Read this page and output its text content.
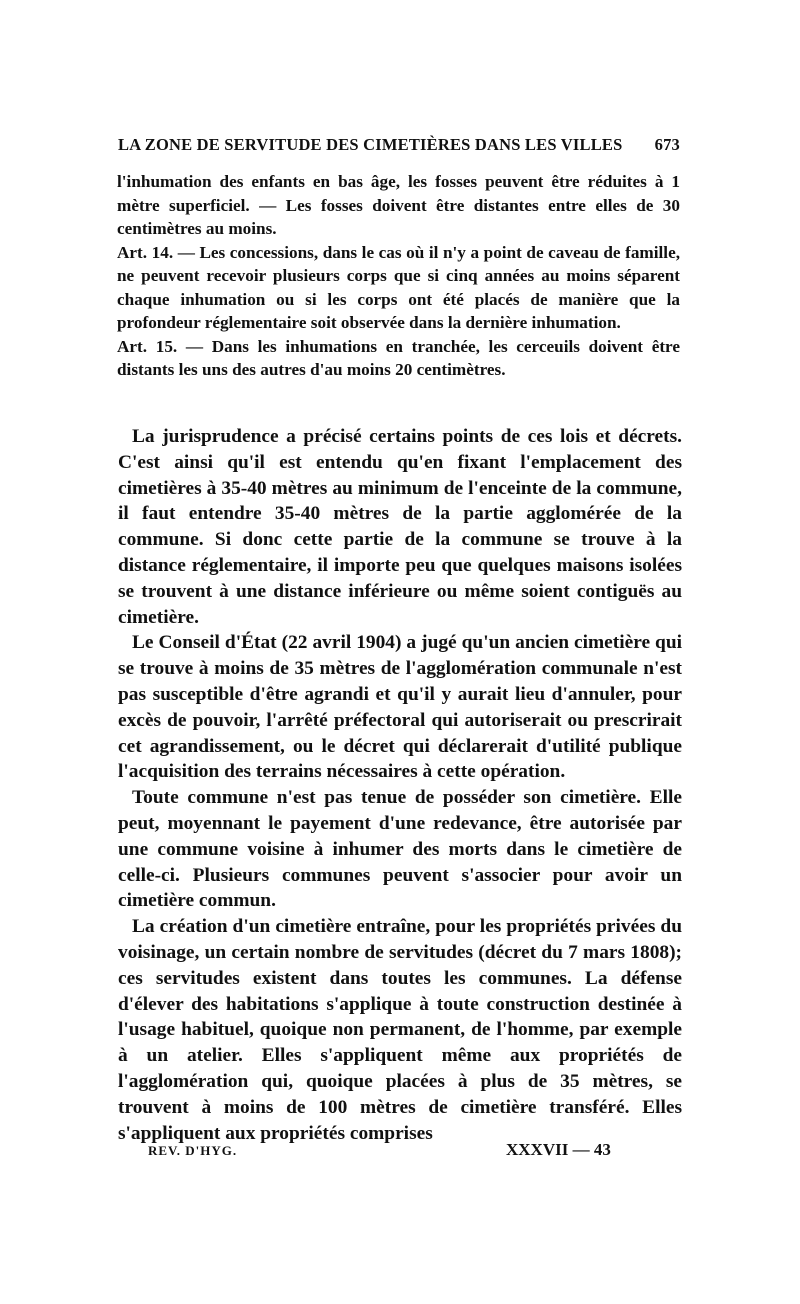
LA ZONE DE SERVITUDE DES CIMETIÈRES DANS LES VILLES 673

l'inhumation des enfants en bas âge, les fosses peuvent être réduites à 1 mètre superficiel. — Les fosses doivent être distantes entre elles de 30 centimètres au moins.

Art. 14. — Les concessions, dans le cas où il n'y a point de caveau de famille, ne peuvent recevoir plusieurs corps que si cinq années au moins séparent chaque inhumation ou si les corps ont été placés de manière que la profondeur réglementaire soit observée dans la dernière inhumation.

Art. 15. — Dans les inhumations en tranchée, les cerceuils doivent être distants les uns des autres d'au moins 20 centimètres.

La jurisprudence a précisé certains points de ces lois et décrets. C'est ainsi qu'il est entendu qu'en fixant l'emplacement des cimetières à 35-40 mètres au minimum de l'enceinte de la commune, il faut entendre 35-40 mètres de la partie agglomérée de la commune. Si donc cette partie de la commune se trouve à la distance réglementaire, il importe peu que quelques maisons isolées se trouvent à une distance inférieure ou même soient contiguës au cimetière.

Le Conseil d'État (22 avril 1904) a jugé qu'un ancien cimetière qui se trouve à moins de 35 mètres de l'agglomération communale n'est pas susceptible d'être agrandi et qu'il y aurait lieu d'annuler, pour excès de pouvoir, l'arrêté préfectoral qui autoriserait ou prescrirait cet agrandissement, ou le décret qui déclarerait d'utilité publique l'acquisition des terrains nécessaires à cette opération.

Toute commune n'est pas tenue de posséder son cimetière. Elle peut, moyennant le payement d'une redevance, être autorisée par une commune voisine à inhumer des morts dans le cimetière de celle-ci. Plusieurs communes peuvent s'associer pour avoir un cimetière commun.

La création d'un cimetière entraîne, pour les propriétés privées du voisinage, un certain nombre de servitudes (décret du 7 mars 1808); ces servitudes existent dans toutes les communes. La défense d'élever des habitations s'applique à toute construction destinée à l'usage habituel, quoique non permanent, de l'homme, par exemple à un atelier. Elles s'appliquent même aux propriétés de l'agglomération qui, quoique placées à plus de 35 mètres, se trouvent à moins de 100 mètres de cimetière transféré. Elles s'appliquent aux propriétés comprises

REV. D'HYG.	XXXVII — 43
